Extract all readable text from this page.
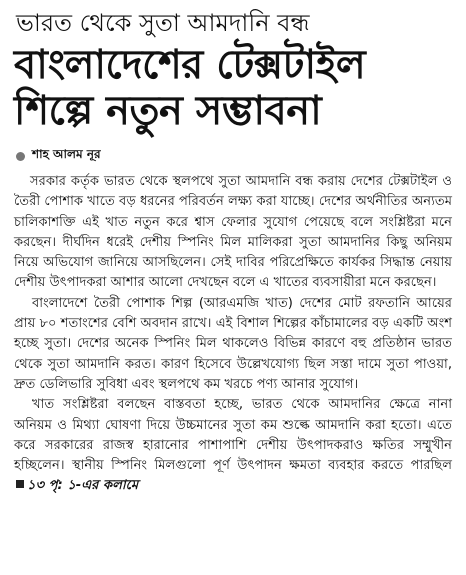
ভারত থেকে সুতা আমদানি বন্ধ
বাংলাদেশের টেক্সটাইল
শিল্পে নতুন সম্ভাবনা
শাহ আলম নূর

সরকার কর্তৃক ভারত থেকে স্থলপথে সুতা আমদানি বন্ধ করায় দেশের টেক্সটাইল ও তৈরী পোশাক খাতে বড় ধরনের পরিবর্তন লক্ষ্য করা যাচ্ছে। দেশের অর্থনীতির অন্যতম চালিকাশক্তি এই খাত নতুন করে শ্বাস ফেলার সুযোগ পেয়েছে বলে সংশ্লিষ্টরা মনে করছেন। দীর্ঘদিন ধরেই দেশীয় স্পিনিং মিল মালিকরা সুতা আমদানির কিছু অনিয়ম নিয়ে অভিযোগ জানিয়ে আসছিলেন। সেই দাবির পরিপ্রেক্ষিতে কার্যকর সিদ্ধান্ত নেয়ায় দেশীয় উৎপাদকরা আশার আলো দেখছেন বলে এ খাতের ব্যবসায়ীরা মনে করছেন।

বাংলাদেশে তৈরী পোশাক শিল্প (আরএমজি খাত) দেশের মোট রফতানি আয়ের প্রায় ৮০ শতাংশের বেশি অবদান রাখে। এই বিশাল শিল্পের কাঁচামালের বড় একটি অংশ হচ্ছে সুতা। দেশের অনেক স্পিনিং মিল থাকলেও বিভিন্ন কারণে বহু প্রতিষ্ঠান ভারত থেকে সুতা আমদানি করত। কারণ হিসেবে উল্লেখযোগ্য ছিল সস্তা দামে সুতা পাওয়া, দ্রুত ডেলিভারি সুবিধা এবং স্থলপথে কম খরচে পণ্য আনার সুযোগ।

খাত সংশ্লিষ্টরা বলছেন বাস্তবতা হচ্ছে, ভারত থেকে আমদানির ক্ষেত্রে নানা অনিয়ম ও মিথ্যা ঘোষণা দিয়ে উচ্চমানের সুতা কম শুল্কে আমদানি করা হতো। এতে করে সরকারের রাজস্ব হারানোর পাশাপাশি দেশীয় উৎপাদকরাও ক্ষতির সম্মুখীন হচ্ছিলেন। স্থানীয় স্পিনিং মিলগুলো পূর্ণ উৎপাদন ক্ষমতা ব্যবহার করতে পারছিল ১৩ পৃ: ১-এর কলামে
